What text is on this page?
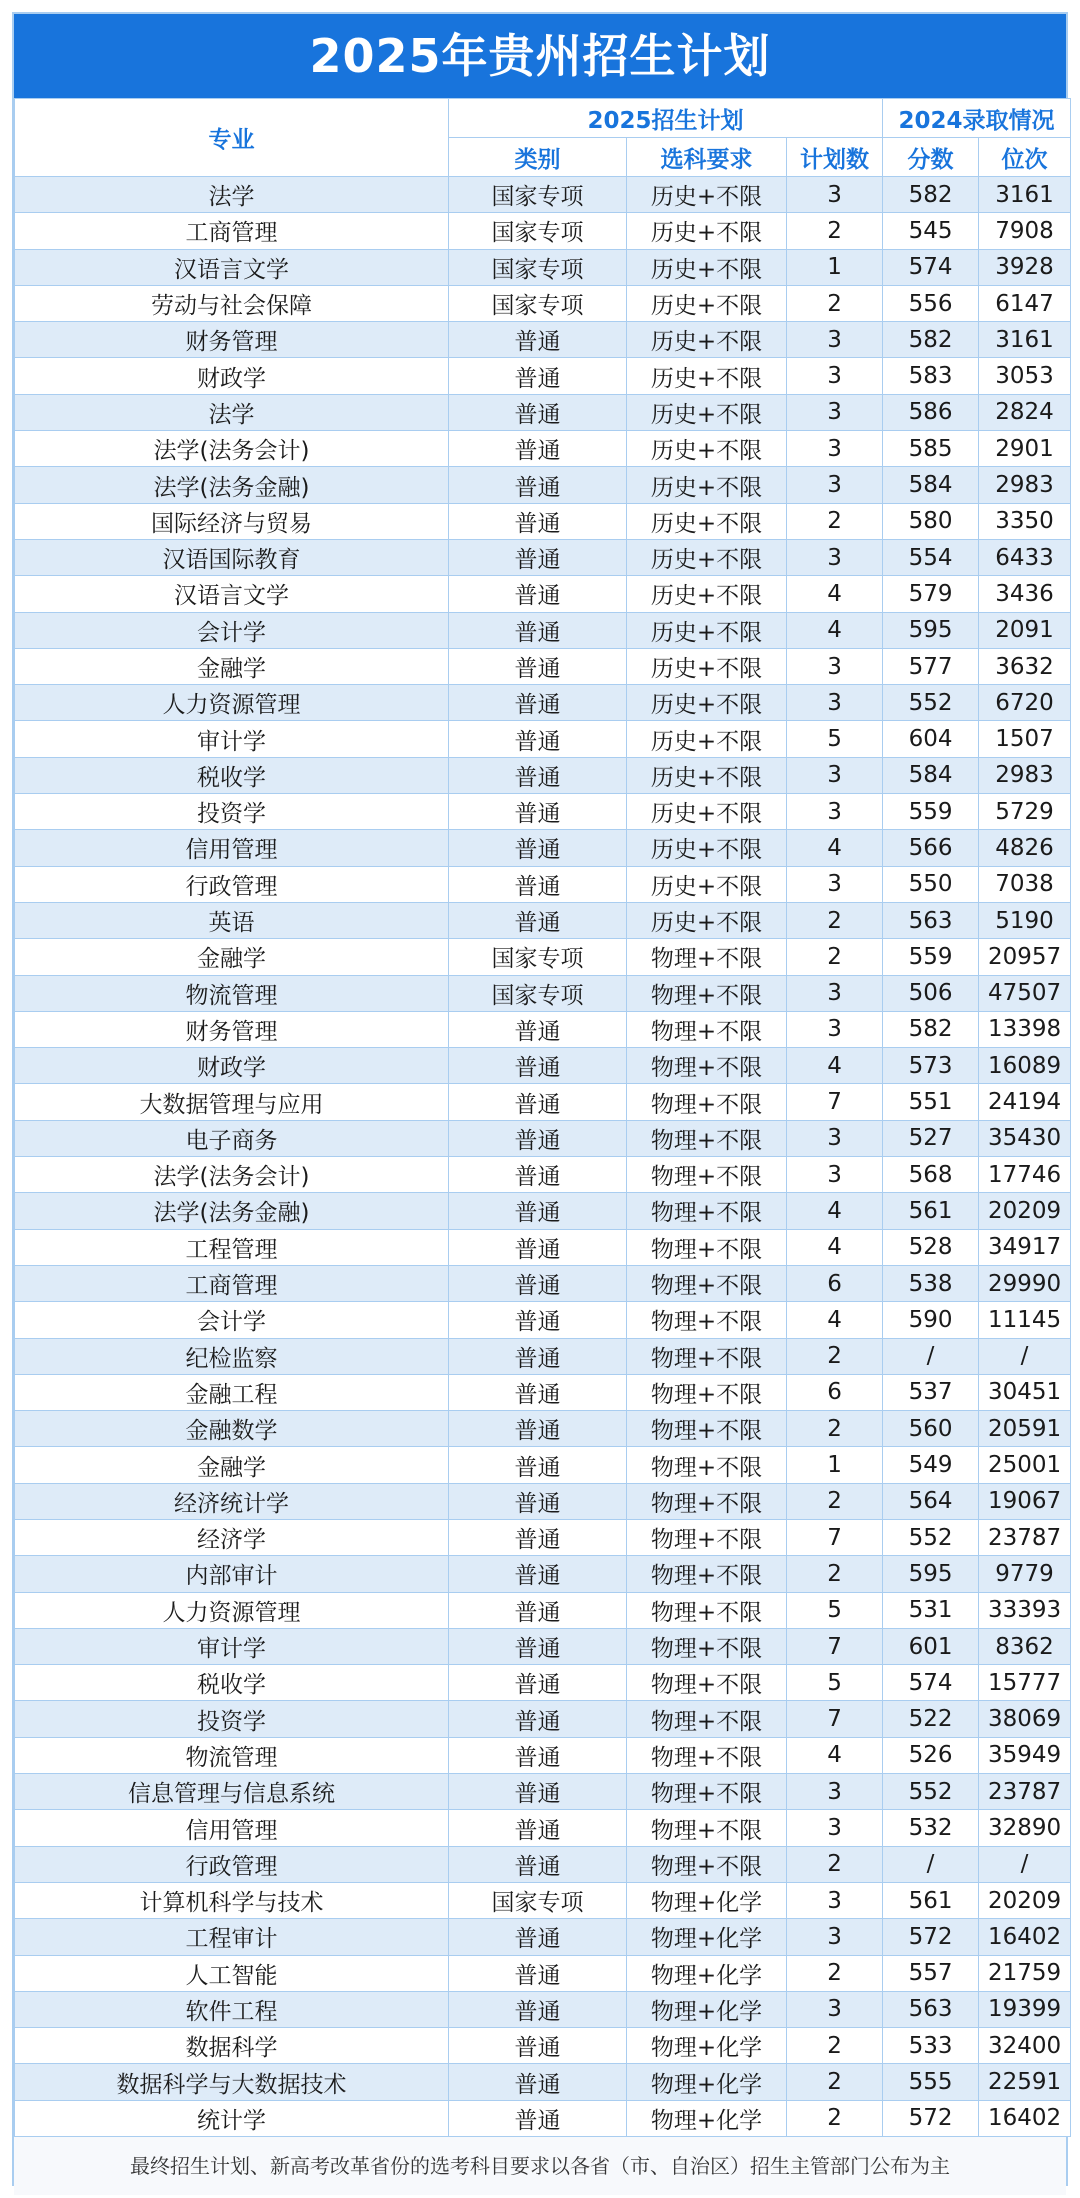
2025年贵州招生计划
专业	2025招生计划			2024录取情况	
	类别	选科要求	计划数	分数	位次
法学	国家专项	历史+不限	3	582	3161
工商管理	国家专项	历史+不限	2	545	7908
汉语言文学	国家专项	历史+不限	1	574	3928
劳动与社会保障	国家专项	历史+不限	2	556	6147
财务管理	普通	历史+不限	3	582	3161
财政学	普通	历史+不限	3	583	3053
法学	普通	历史+不限	3	586	2824
法学(法务会计)	普通	历史+不限	3	585	2901
法学(法务金融)	普通	历史+不限	3	584	2983
国际经济与贸易	普通	历史+不限	2	580	3350
汉语国际教育	普通	历史+不限	3	554	6433
汉语言文学	普通	历史+不限	4	579	3436
会计学	普通	历史+不限	4	595	2091
金融学	普通	历史+不限	3	577	3632
人力资源管理	普通	历史+不限	3	552	6720
审计学	普通	历史+不限	5	604	1507
税收学	普通	历史+不限	3	584	2983
投资学	普通	历史+不限	3	559	5729
信用管理	普通	历史+不限	4	566	4826
行政管理	普通	历史+不限	3	550	7038
英语	普通	历史+不限	2	563	5190
金融学	国家专项	物理+不限	2	559	20957
物流管理	国家专项	物理+不限	3	506	47507
财务管理	普通	物理+不限	3	582	13398
财政学	普通	物理+不限	4	573	16089
大数据管理与应用	普通	物理+不限	7	551	24194
电子商务	普通	物理+不限	3	527	35430
法学(法务会计)	普通	物理+不限	3	568	17746
法学(法务金融)	普通	物理+不限	4	561	20209
工程管理	普通	物理+不限	4	528	34917
工商管理	普通	物理+不限	6	538	29990
会计学	普通	物理+不限	4	590	11145
纪检监察	普通	物理+不限	2	/	/
金融工程	普通	物理+不限	6	537	30451
金融数学	普通	物理+不限	2	560	20591
金融学	普通	物理+不限	1	549	25001
经济统计学	普通	物理+不限	2	564	19067
经济学	普通	物理+不限	7	552	23787
内部审计	普通	物理+不限	2	595	9779
人力资源管理	普通	物理+不限	5	531	33393
审计学	普通	物理+不限	7	601	8362
税收学	普通	物理+不限	5	574	15777
投资学	普通	物理+不限	7	522	38069
物流管理	普通	物理+不限	4	526	35949
信息管理与信息系统	普通	物理+不限	3	552	23787
信用管理	普通	物理+不限	3	532	32890
行政管理	普通	物理+不限	2	/	/
计算机科学与技术	国家专项	物理+化学	3	561	20209
工程审计	普通	物理+化学	3	572	16402
人工智能	普通	物理+化学	2	557	21759
软件工程	普通	物理+化学	3	563	19399
数据科学	普通	物理+化学	2	533	32400
数据科学与大数据技术	普通	物理+化学	2	555	22591
统计学	普通	物理+化学	2	572	16402
最终招生计划、新高考改革省份的选考科目要求以各省（市、自治区）招生主管部门公布为主
